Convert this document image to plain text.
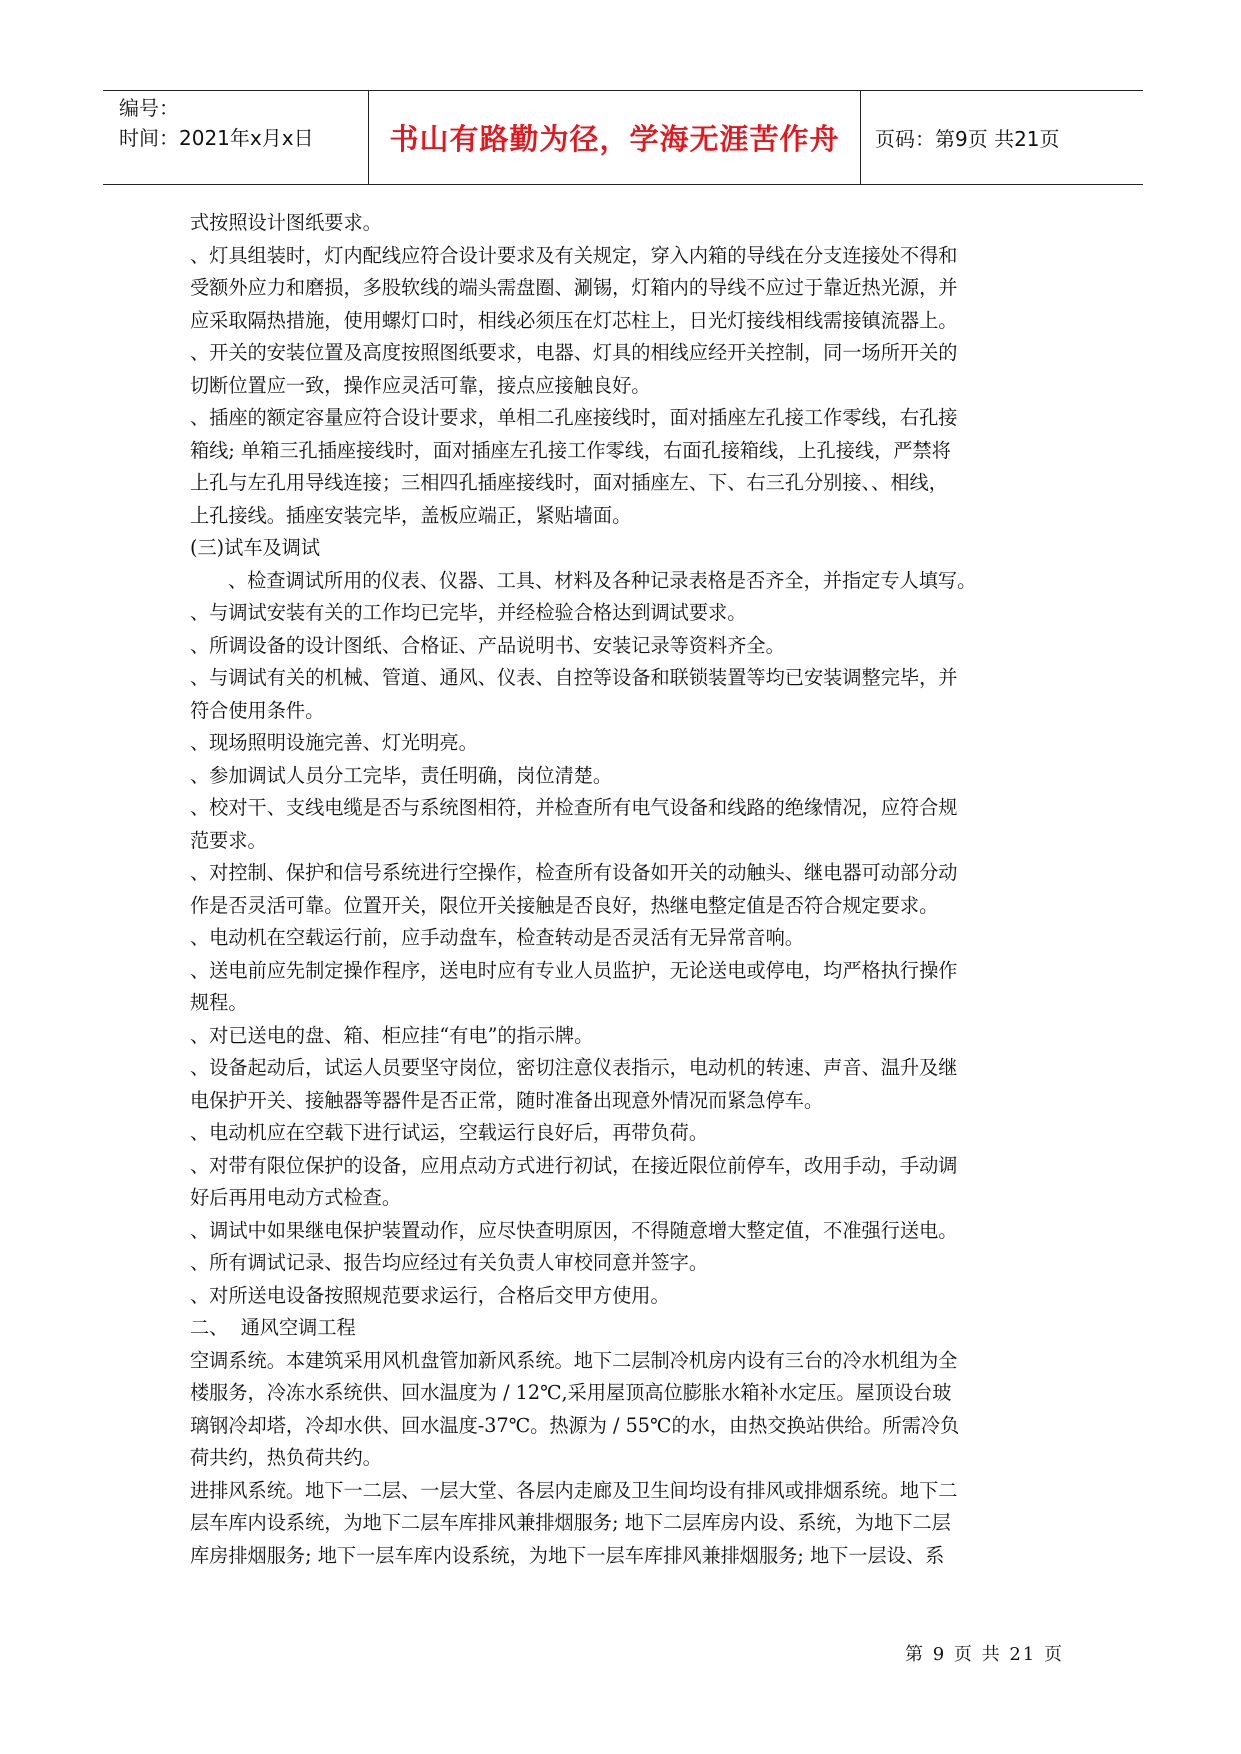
编号：
时间：2021年x月x日	书山有路勤为径，学海无涯苦作舟 页码：第9页 共21页

式按照设计图纸要求。

、灯具组装时，灯内配线应符合设计要求及有关规定，穿入内箱的导线在分支连接处不得和

受额外应力和磨损，多股软线的端头需盘圈、涮锡，灯箱内的导线不应过于靠近热光源，并

应采取隔热措施，使用螺灯口时，相线必须压在灯芯柱上，日光灯接线相线需接镇流器上。

、开关的安装位置及高度按照图纸要求，电器、灯具的相线应经开关控制，同一场所开关的

切断位置应一致，操作应灵活可靠，接点应接触良好。

、插座的额定容量应符合设计要求，单相二孔座接线时，面对插座左孔接工作零线，右孔接

箱线; 单箱三孔插座接线时，面对插座左孔接工作零线，右面孔接箱线，上孔接线，严禁将

上孔与左孔用导线连接；三相四孔插座接线时，面对插座左、下、右三孔分别接、、相线，

上孔接线。插座安装完毕，盖板应端正，紧贴墙面。

(三)试车及调试

、检查调试所用的仪表、仪器、工具、材料及各种记录表格是否齐全，并指定专人填写。

、与调试安装有关的工作均已完毕，并经检验合格达到调试要求。

、所调设备的设计图纸、合格证、产品说明书、安装记录等资料齐全。

、与调试有关的机械、管道、通风、仪表、自控等设备和联锁装置等均已安装调整完毕，并

符合使用条件。

、现场照明设施完善、灯光明亮。

、参加调试人员分工完毕，责任明确，岗位清楚。

、校对干、支线电缆是否与系统图相符，并检查所有电气设备和线路的绝缘情况，应符合规

范要求。

、对控制、保护和信号系统进行空操作，检查所有设备如开关的动触头、继电器可动部分动

作是否灵活可靠。位置开关，限位开关接触是否良好，热继电整定值是否符合规定要求。

、电动机在空载运行前，应手动盘车，检查转动是否灵活有无异常音响。

、送电前应先制定操作程序，送电时应有专业人员监护，无论送电或停电，均严格执行操作

规程。

、对已送电的盘、箱、柜应挂“有电”的指示牌。

、设备起动后，试运人员要坚守岗位，密切注意仪表指示，电动机的转速、声音、温升及继

电保护开关、接触器等器件是否正常，随时准备出现意外情况而紧急停车。

、电动机应在空载下进行试运，空载运行良好后，再带负荷。

、对带有限位保护的设备，应用点动方式进行初试，在接近限位前停车，改用手动，手动调

好后再用电动方式检查。

、调试中如果继电保护装置动作，应尽快查明原因，不得随意增大整定值，不准强行送电。

、所有调试记录、报告均应经过有关负责人审校同意并签字。

、对所送电设备按照规范要求运行，合格后交甲方使用。

二、  通风空调工程

空调系统。本建筑采用风机盘管加新风系统。地下二层制冷机房内设有三台的冷水机组为全

楼服务，冷冻水系统供、回水温度为 / 12℃,采用屋顶高位膨胀水箱补水定压。屋顶设台玻

璃钢冷却塔，冷却水供、回水温度-37℃。热源为 / 55℃的水，由热交换站供给。所需冷负

荷共约，热负荷共约。

进排风系统。地下一二层、一层大堂、各层内走廊及卫生间均设有排风或排烟系统。地下二

层车库内设系统，为地下二层车库排风兼排烟服务; 地下二层库房内设、系统，为地下二层

库房排烟服务; 地下一层车库内设系统，为地下一层车库排风兼排烟服务; 地下一层设、系

第 9 页 共 21 页
